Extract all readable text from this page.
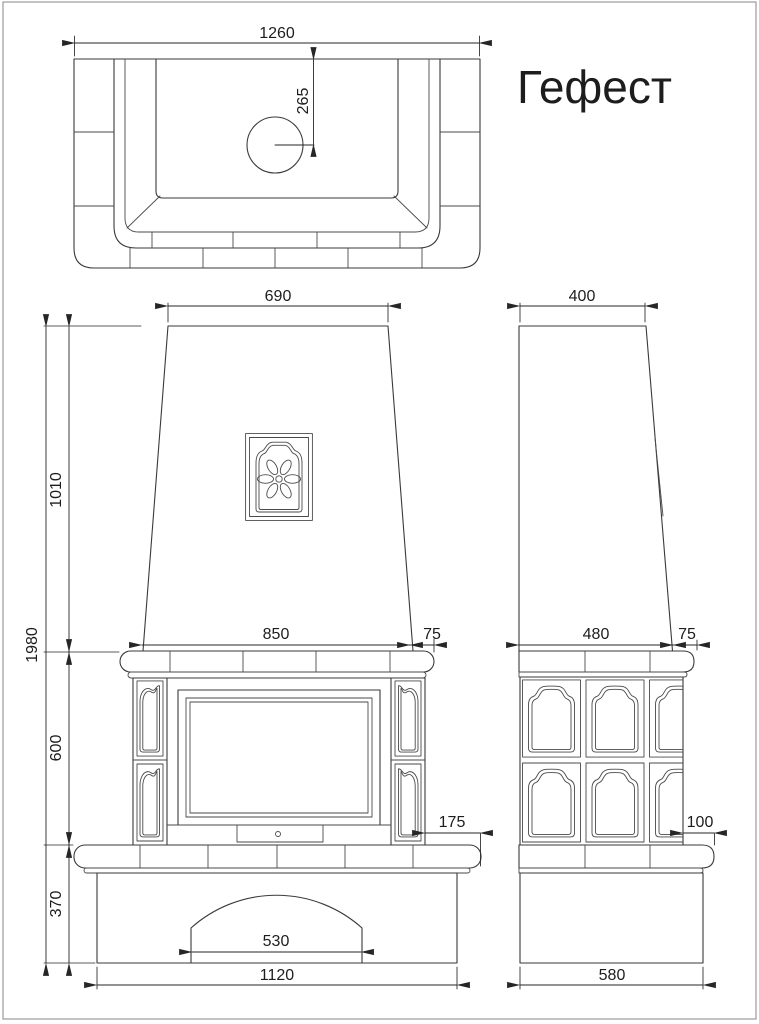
Гефест
1260
265
1980
1010
600
370
690
850	75
175
530
1120
400
480	75
100
580
